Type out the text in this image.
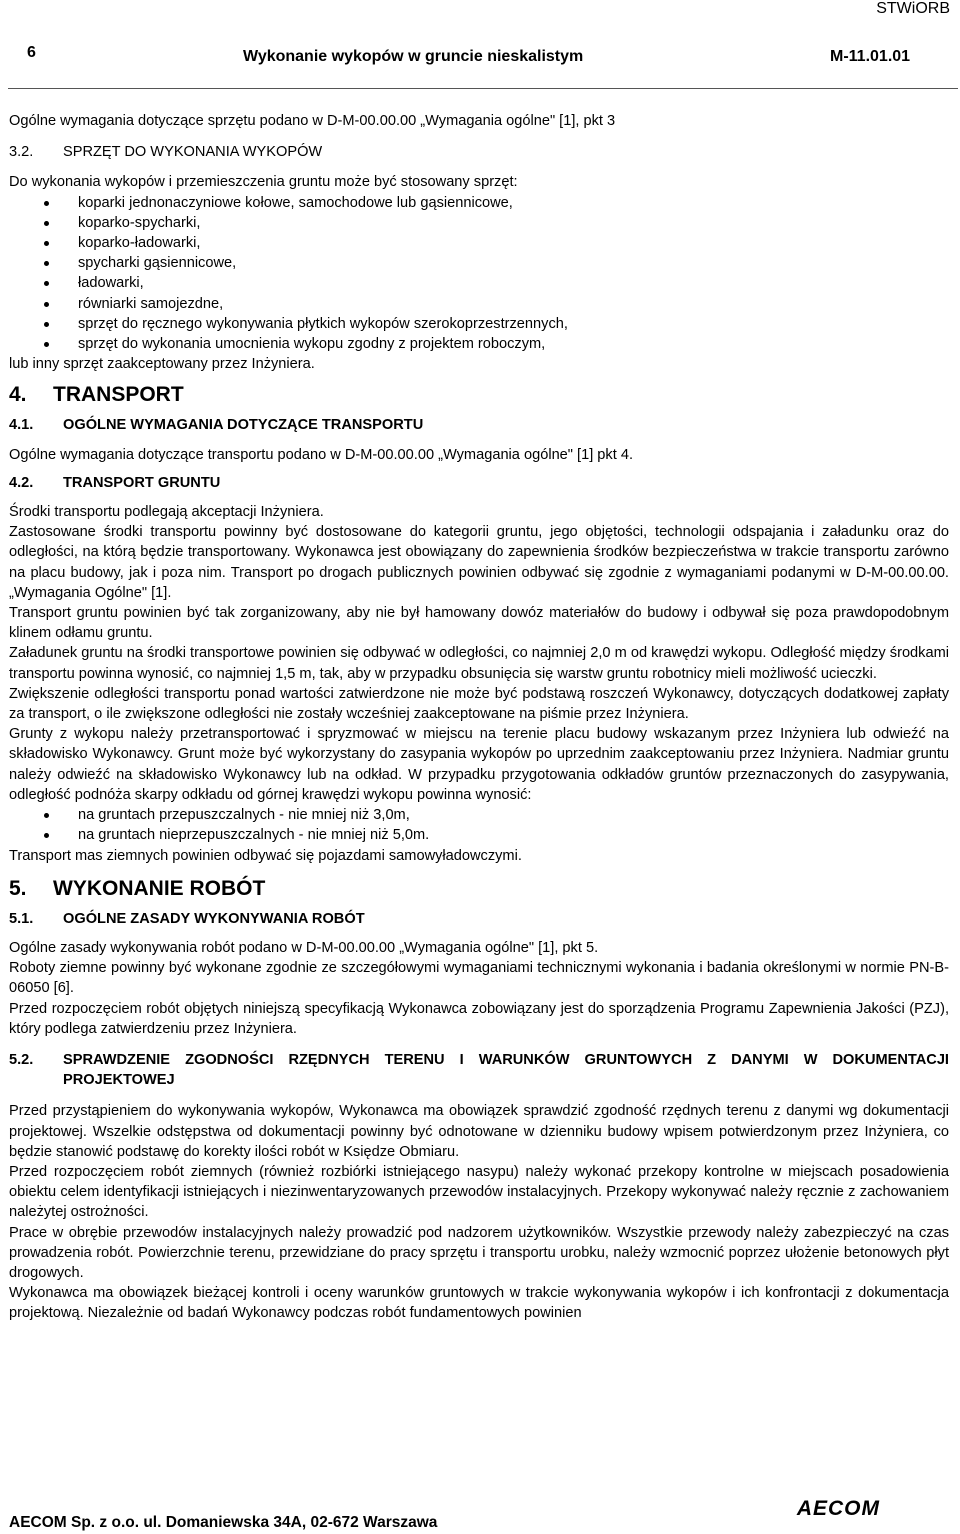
STWiORB
6	Wykonanie wykopów w gruncie nieskalistym	M-11.01.01

Ogólne wymagania dotyczące sprzętu podano w D-M-00.00.00 „Wymagania ogólne" [1], pkt 3

3.2. SPRZĘT DO WYKONANIA WYKOPÓW

Do wykonania wykopów i przemieszczenia gruntu może być stosowany sprzęt:

koparki jednonaczyniowe kołowe, samochodowe lub gąsiennicowe,
koparko-spycharki,
koparko-ładowarki,
spycharki gąsiennicowe,
ładowarki,
równiarki samojezdne,
sprzęt do ręcznego wykonywania płytkich wykopów szerokoprzestrzennych,
sprzęt do wykonania umocnienia wykopu zgodny z projektem roboczym,

lub inny sprzęt zaakceptowany przez Inżyniera.

4. TRANSPORT

4.1. OGÓLNE WYMAGANIA DOTYCZĄCE TRANSPORTU

Ogólne wymagania dotyczące transportu podano w D-M-00.00.00 „Wymagania ogólne" [1] pkt 4.

4.2. TRANSPORT GRUNTU

Środki transportu podlegają akceptacji Inżyniera.

Zastosowane środki transportu powinny być dostosowane do kategorii gruntu, jego objętości, technologii odspajania i załadunku oraz do odległości, na którą będzie transportowany. Wykonawca jest obowiązany do zapewnienia środków bezpieczeństwa w trakcie transportu zarówno na placu budowy, jak i poza nim. Transport po drogach publicznych powinien odbywać się zgodnie z wymaganiami podanymi w D-M-00.00.00. „Wymagania Ogólne" [1].

Transport gruntu powinien być tak zorganizowany, aby nie był hamowany dowóz materiałów do budowy i odbywał się poza prawdopodobnym klinem odłamu gruntu.

Załadunek gruntu na środki transportowe powinien się odbywać w odległości, co najmniej 2,0 m od krawędzi wykopu. Odległość między środkami transportu powinna wynosić, co najmniej 1,5 m, tak, aby w przypadku obsunięcia się warstw gruntu robotnicy mieli możliwość ucieczki.

Zwiększenie odległości transportu ponad wartości zatwierdzone nie może być podstawą roszczeń Wykonawcy, dotyczących dodatkowej zapłaty za transport, o ile zwiększone odległości nie zostały wcześniej zaakceptowane na piśmie przez Inżyniera.

Grunty z wykopu należy przetransportować i spryzmować w miejscu na terenie placu budowy wskazanym przez Inżyniera lub odwieźć na składowisko Wykonawcy. Grunt może być wykorzystany do zasypania wykopów po uprzednim zaakceptowaniu przez Inżyniera. Nadmiar gruntu należy odwieźć na składowisko Wykonawcy lub na odkład. W przypadku przygotowania odkładów gruntów przeznaczonych do zasypywania, odległość podnóża skarpy odkładu od górnej krawędzi wykopu powinna wynosić:

na gruntach przepuszczalnych - nie mniej niż 3,0m,
na gruntach nieprzepuszczalnych - nie mniej niż 5,0m.

Transport mas ziemnych powinien odbywać się pojazdami samowyładowczymi.

5. WYKONANIE ROBÓT

5.1. OGÓLNE ZASADY WYKONYWANIA ROBÓT

Ogólne zasady wykonywania robót podano w D-M-00.00.00 „Wymagania ogólne" [1], pkt 5.

Roboty ziemne powinny być wykonane zgodnie ze szczegółowymi wymaganiami technicznymi wykonania i badania określonymi w normie PN-B-06050 [6].

Przed rozpoczęciem robót objętych niniejszą specyfikacją Wykonawca zobowiązany jest do sporządzenia Programu Zapewnienia Jakości (PZJ), który podlega zatwierdzeniu przez Inżyniera.

5.2.	SPRAWDZENIE ZGODNOŚCI RZĘDNYCH TERENU I WARUNKÓW GRUNTOWYCH Z DANYMI W DOKUMENTACJI PROJEKTOWEJ

Przed przystąpieniem do wykonywania wykopów, Wykonawca ma obowiązek sprawdzić zgodność rzędnych terenu z danymi wg dokumentacji projektowej. Wszelkie odstępstwa od dokumentacji powinny być odnotowane w dzienniku budowy wpisem potwierdzonym przez Inżyniera, co będzie stanowić podstawę do korekty ilości robót w Księdze Obmiaru.

Przed rozpoczęciem robót ziemnych (również rozbiórki istniejącego nasypu) należy wykonać przekopy kontrolne w miejscach posadowienia obiektu celem identyfikacji istniejących i niezinwentaryzowanych przewodów instalacyjnych. Przekopy wykonywać należy ręcznie z zachowaniem należytej ostrożności.

Prace w obrębie przewodów instalacyjnych należy prowadzić pod nadzorem użytkowników. Wszystkie przewody należy zabezpieczyć na czas prowadzenia robót. Powierzchnie terenu, przewidziane do pracy sprzętu i transportu urobku, należy wzmocnić poprzez ułożenie betonowych płyt drogowych.

Wykonawca ma obowiązek bieżącej kontroli i oceny warunków gruntowych w trakcie wykonywania wykopów i ich konfrontacji z dokumentacja projektową. Niezależnie od badań Wykonawcy podczas robót fundamentowych powinien

AECOM Sp. z o.o. ul. Domaniewska 34A, 02-672 Warszawa
AECOM
